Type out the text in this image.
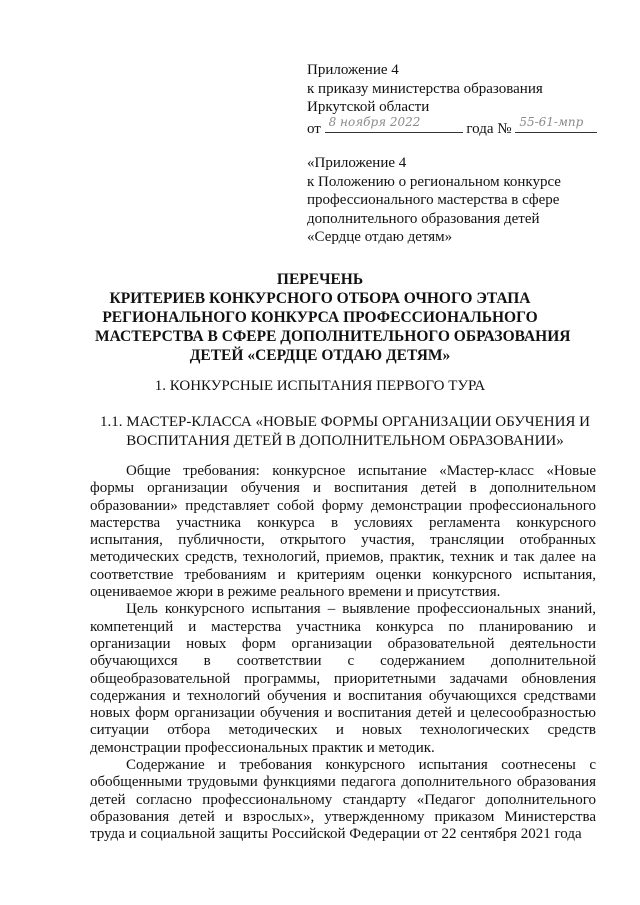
Приложение 4
к приказу министерства образования
Иркутской области
от 8 ноября 2022	года № 55-61-мпр
«Приложение 4
к Положению о региональном конкурсе
профессионального мастерства в сфере
дополнительного образования детей
«Сердце отдаю детям»
ПЕРЕЧЕНЬ
КРИТЕРИЕВ КОНКУРСНОГО ОТБОРА ОЧНОГО ЭТАПА
РЕГИОНАЛЬНОГО КОНКУРСА ПРОФЕССИОНАЛЬНОГО
МАСТЕРСТВА В СФЕРЕ ДОПОЛНИТЕЛЬНОГО ОБРАЗОВАНИЯ
ДЕТЕЙ «СЕРДЦЕ ОТДАЮ ДЕТЯМ»
1. КОНКУРСНЫЕ ИСПЫТАНИЯ ПЕРВОГО ТУРА
1.1. МАСТЕР-КЛАССА «НОВЫЕ ФОРМЫ ОРГАНИЗАЦИИ ОБУЧЕНИЯ И
ВОСПИТАНИЯ ДЕТЕЙ В ДОПОЛНИТЕЛЬНОМ ОБРАЗОВАНИИ»

Общие требования: конкурсное испытание «Мастер-класс «Новые формы организации обучения и воспитания детей в дополнительном образовании» представляет собой форму демонстрации профессионального мастерства участника конкурса в условиях регламента конкурсного испытания, публичности, открытого участия, трансляции отобранных методических средств, технологий, приемов, практик, техник и так далее на соответствие требованиям и критериям оценки конкурсного испытания, оцениваемое жюри в режиме реального времени и присутствия.

Цель конкурсного испытания – выявление профессиональных знаний, компетенций и мастерства участника конкурса по планированию и организации новых форм организации образовательной деятельности обучающихся в соответствии с содержанием дополнительной общеобразовательной программы, приоритетными задачами обновления содержания и технологий обучения и воспитания обучающихся средствами новых форм организации обучения и воспитания детей и целесообразностью ситуации отбора методических и новых технологических средств демонстрации профессиональных практик и методик.

Содержание и требования конкурсного испытания соотнесены с обобщенными трудовыми функциями педагога дополнительного образования детей согласно профессиональному стандарту «Педагог дополнительного образования детей и взрослых», утвержденному приказом Министерства труда и социальной защиты Российской Федерации от 22 сентября 2021 года
